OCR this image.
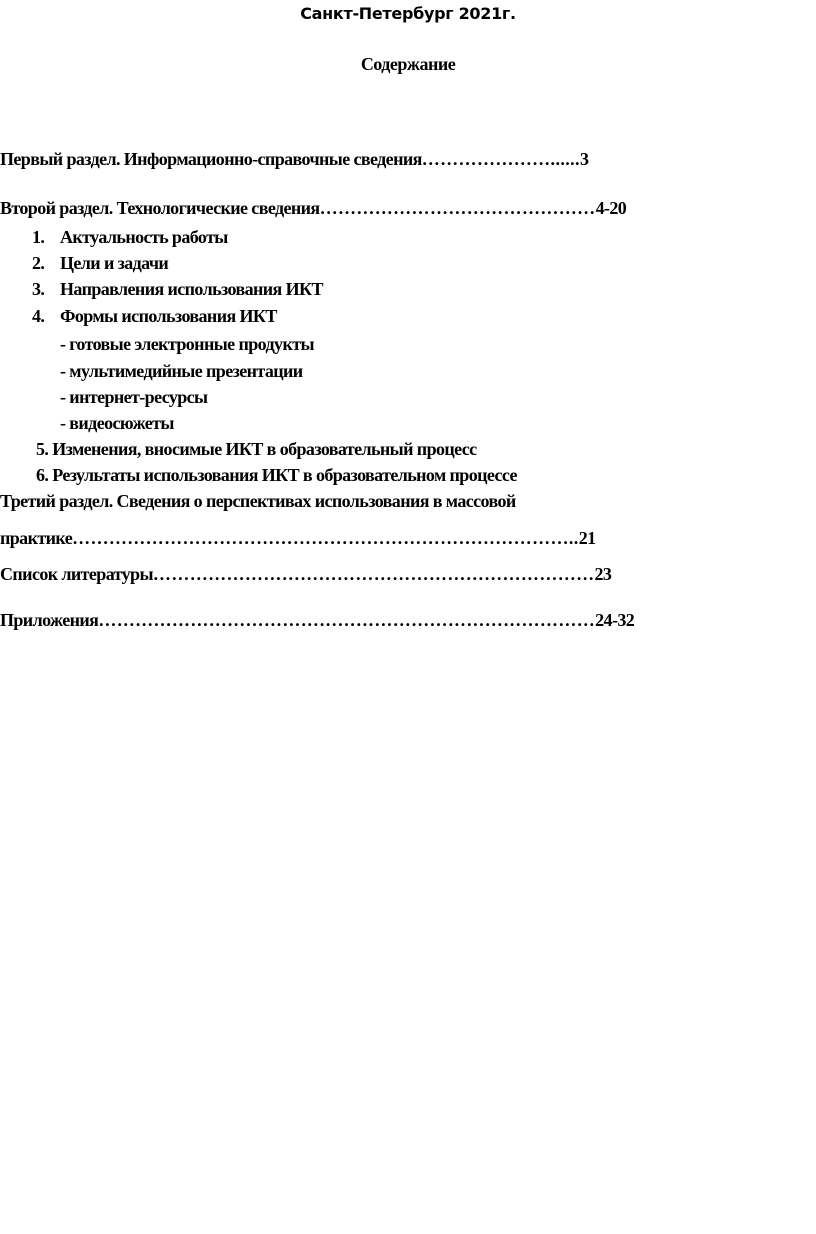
Санкт-Петербург 2021г.
Содержание
Первый раздел. Информационно-справочные сведения…………………......3
Второй раздел. Технологические сведения………………………………………4-20
1. Актуальность работы
2. Цели и задачи
3. Направления использования ИКТ
4. Формы использования ИКТ
- готовые электронные продукты
- мультимедийные презентации
- интернет-ресурсы
- видеосюжеты
5. Изменения, вносимые ИКТ в образовательный процесс
6. Результаты использования ИКТ в образовательном процессе
Третий раздел. Сведения о перспективах использования в массовой
практике………………………………………………………………………..21
Список литературы………………………………………………………………23
Приложения………………………………………………………………………24-32
